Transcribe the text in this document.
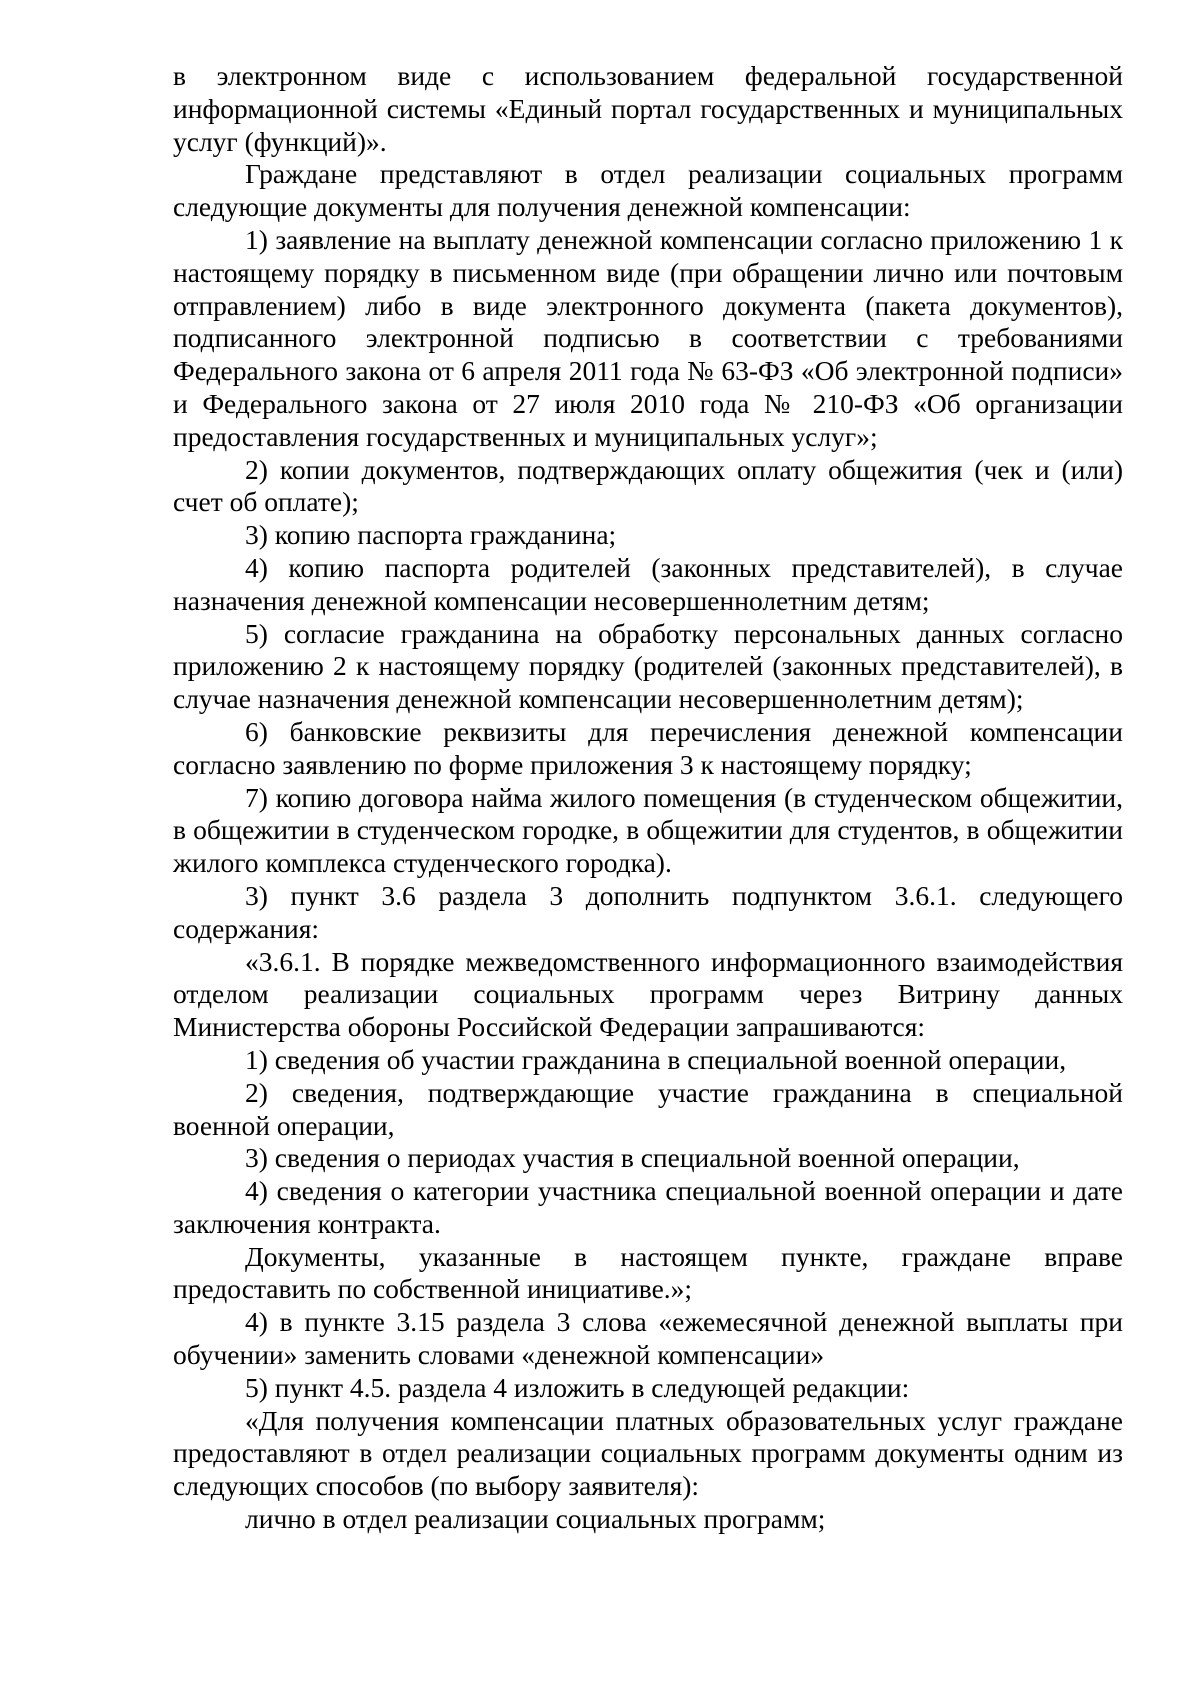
в электронном виде с использованием федеральной государственной информационной системы «Единый портал государственных и муниципальных услуг (функций)».

Граждане представляют в отдел реализации социальных программ следующие документы для получения денежной компенсации:

1) заявление на выплату денежной компенсации согласно приложению 1 к настоящему порядку в письменном виде (при обращении лично или почтовым отправлением) либо в виде электронного документа (пакета документов), подписанного электронной подписью в соответствии с требованиями Федерального закона от 6 апреля 2011 года № 63-ФЗ «Об электронной подписи» и Федерального закона от 27 июля 2010 года № 210-ФЗ «Об организации предоставления государственных и муниципальных услуг»;

2) копии документов, подтверждающих оплату общежития (чек и (или) счет об оплате);

3) копию паспорта гражданина;

4) копию паспорта родителей (законных представителей), в случае назначения денежной компенсации несовершеннолетним детям;

5) согласие гражданина на обработку персональных данных согласно приложению 2 к настоящему порядку (родителей (законных представителей), в случае назначения денежной компенсации несовершеннолетним детям);

6) банковские реквизиты для перечисления денежной компенсации согласно заявлению по форме приложения 3 к настоящему порядку;

7) копию договора найма жилого помещения (в студенческом общежитии, в общежитии в студенческом городке, в общежитии для студентов, в общежитии жилого комплекса студенческого городка).

3) пункт 3.6 раздела 3 дополнить подпунктом 3.6.1. следующего содержания:

«3.6.1. В порядке межведомственного информационного взаимодействия отделом реализации социальных программ через Витрину данных Министерства обороны Российской Федерации запрашиваются:

1) сведения об участии гражданина в специальной военной операции,

2) сведения, подтверждающие участие гражданина в специальной военной операции,

3) сведения о периодах участия в специальной военной операции,

4) сведения о категории участника специальной военной операции и дате заключения контракта.

Документы, указанные в настоящем пункте, граждане вправе предоставить по собственной инициативе.»;

4) в пункте 3.15 раздела 3 слова «ежемесячной денежной выплаты при обучении» заменить словами «денежной компенсации»

5) пункт 4.5. раздела 4 изложить в следующей редакции:

«Для получения компенсации платных образовательных услуг граждане предоставляют в отдел реализации социальных программ документы одним из следующих способов (по выбору заявителя):

лично в отдел реализации социальных программ;
